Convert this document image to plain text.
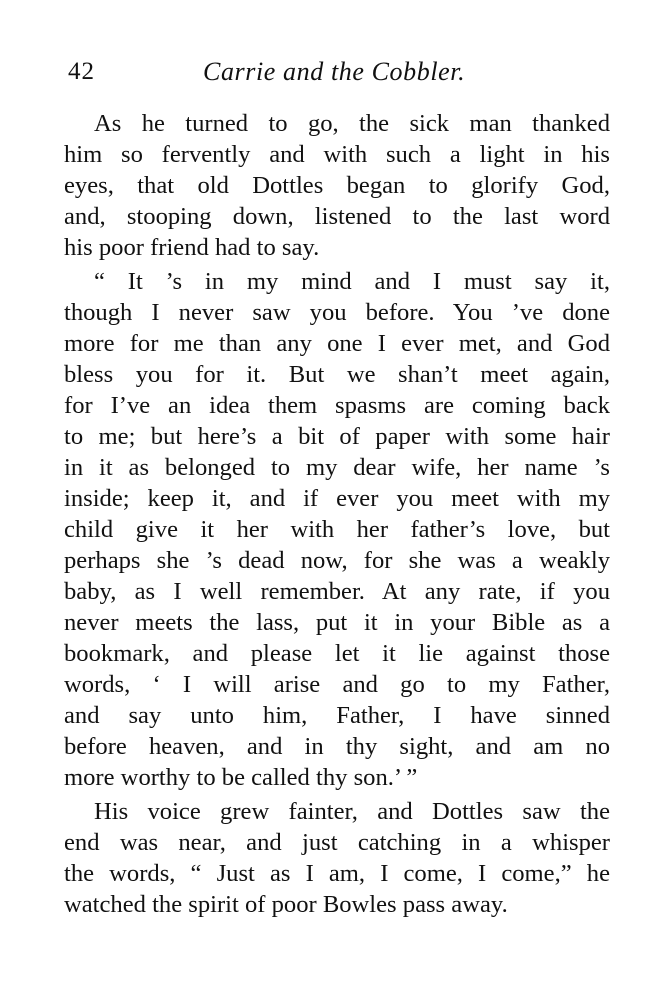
42	Carrie and the Cobbler.

As he turned to go, the sick man thanked
him so fervently and with such a light in his
eyes, that old Dottles began to glorify God,
and, stooping down, listened to the last word
his poor friend had to say.

“ It ’s in my mind and I must say it,
though I never saw you before. You ’ve done
more for me than any one I ever met, and God
bless you for it. But we shan’t meet again,
for I’ve an idea them spasms are coming back
to me; but here’s a bit of paper with some hair
in it as belonged to my dear wife, her name ’s
inside; keep it, and if ever you meet with my
child give it her with her father’s love, but
perhaps she ’s dead now, for she was a weakly
baby, as I well remember. At any rate, if you
never meets the lass, put it in your Bible as a
bookmark, and please let it lie against those
words, ‘ I will arise and go to my Father,
and say unto him, Father, I have sinned
before heaven, and in thy sight, and am no
more worthy to be called thy son.’ ”

His voice grew fainter, and Dottles saw the
end was near, and just catching in a whisper
the words, “ Just as I am, I come, I come,” he
watched the spirit of poor Bowles pass away.
